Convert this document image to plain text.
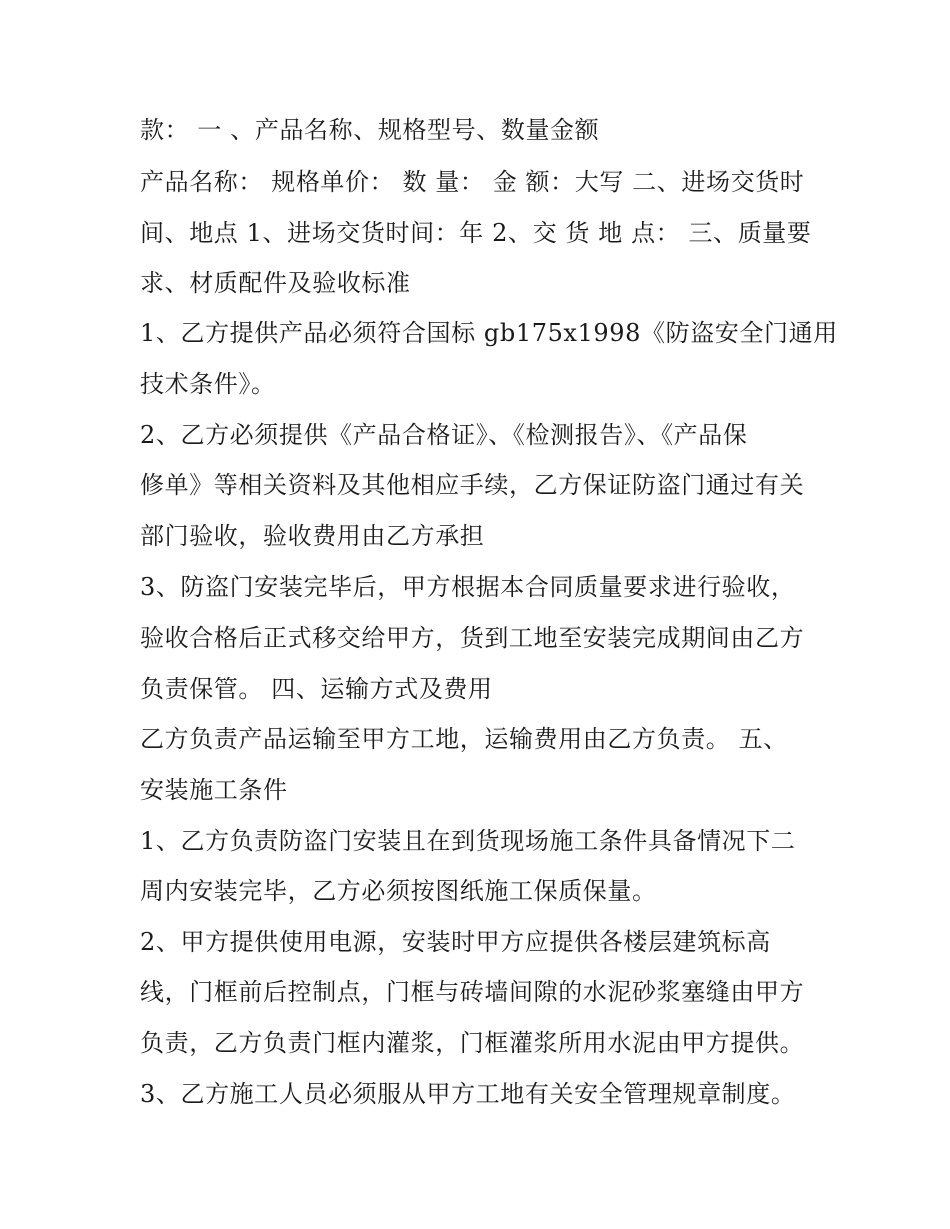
款： 一 、产品名称、规格型号、数量金额
产品名称： 规格单价： 数 量： 金 额：大写 二、进场交货时
间、地点 1、进场交货时间：年 2、交 货 地 点： 三、质量要
求、材质配件及验收标准
1、乙方提供产品必须符合国标 gb175x1998《防盗安全门通用
技术条件》。
2、乙方必须提供《产品合格证》、《检测报告》、《产品保
修单》等相关资料及其他相应手续，乙方保证防盗门通过有关
部门验收，验收费用由乙方承担
3、防盗门安装完毕后，甲方根据本合同质量要求进行验收，
验收合格后正式移交给甲方，货到工地至安装完成期间由乙方
负责保管。 四、运输方式及费用
乙方负责产品运输至甲方工地，运输费用由乙方负责。 五、
安装施工条件
1、乙方负责防盗门安装且在到货现场施工条件具备情况下二
周内安装完毕，乙方必须按图纸施工保质保量。
2、甲方提供使用电源，安装时甲方应提供各楼层建筑标高
线，门框前后控制点，门框与砖墙间隙的水泥砂浆塞缝由甲方
负责，乙方负责门框内灌浆，门框灌浆所用水泥由甲方提供。
3、乙方施工人员必须服从甲方工地有关安全管理规章制度。
